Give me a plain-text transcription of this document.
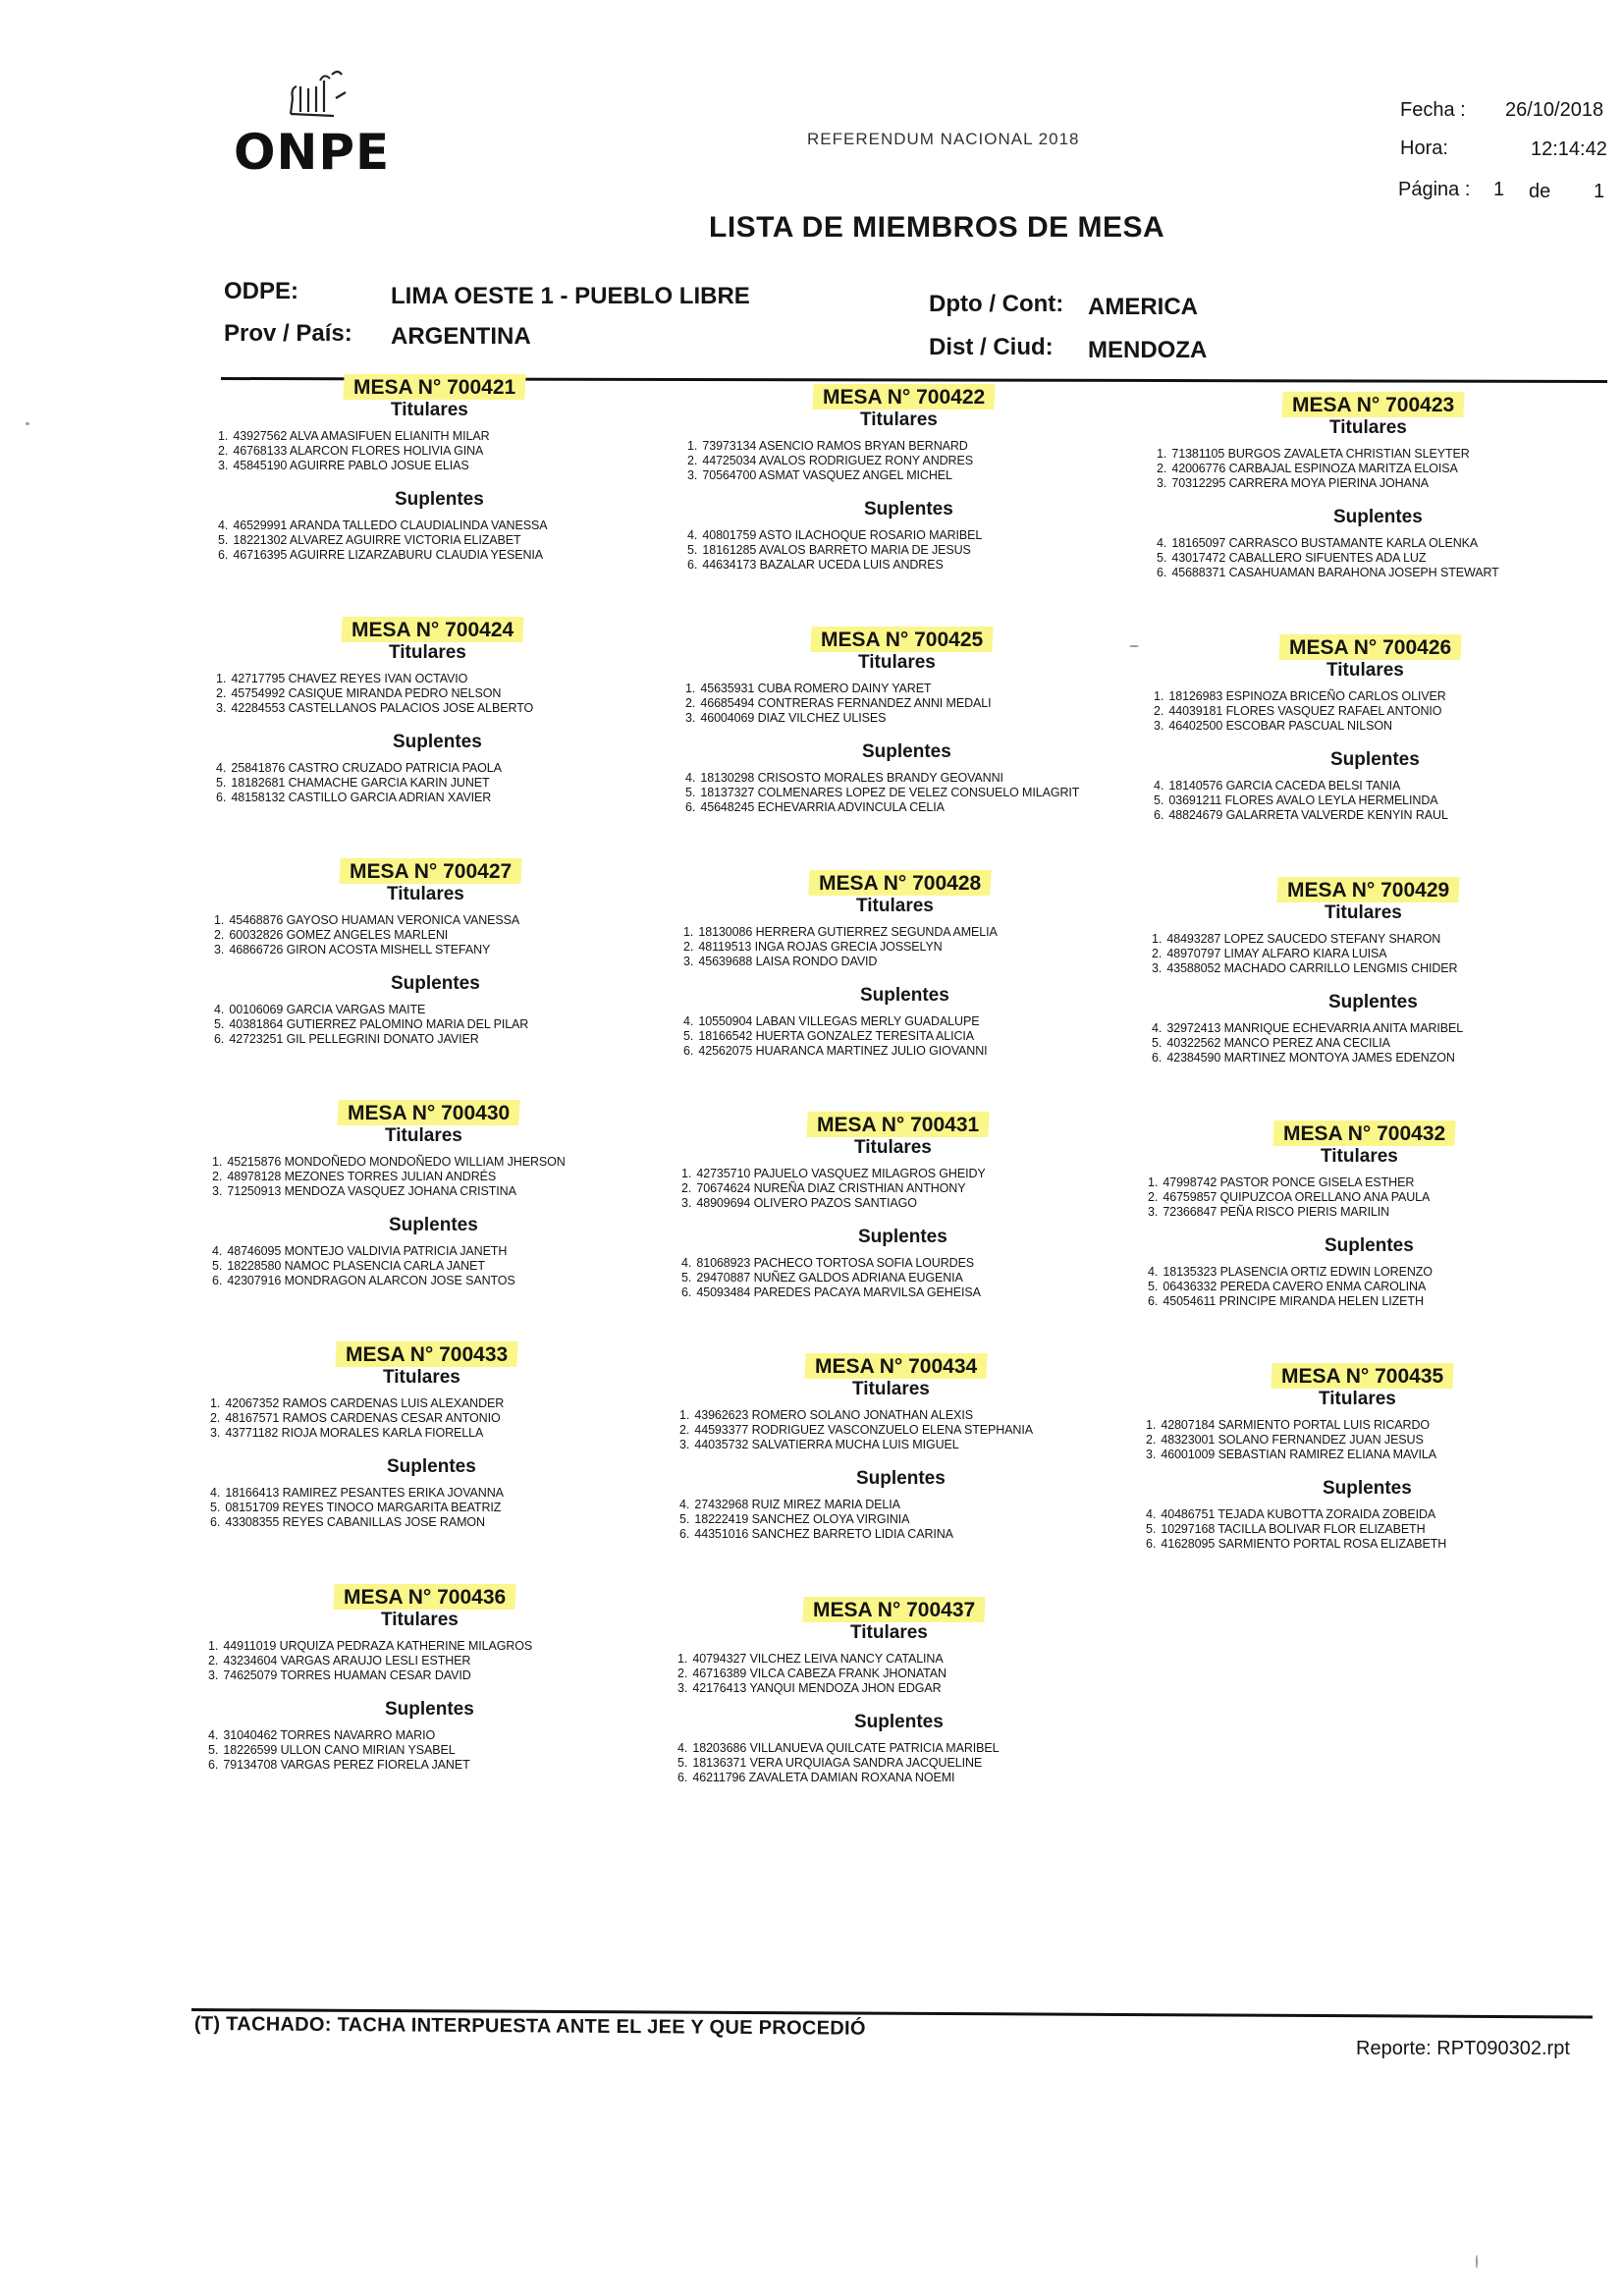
ONPE	REFERENDUM NACIONAL 2018
LISTA DE MIEMBROS DE MESA
Fecha : 26/10/2018
Hora:	12:14:42
Página : 1 de 1
ODPE:	LIMA OESTE 1 - PUEBLO LIBRE
Prov / País: ARGENTINA
Dpto / Cont: AMERICA
Dist / Ciud: MENDOZA
MESA N° 700421
Titulares
1. 43927562 ALVA AMASIFUEN ELIANITH MILAR
2. 46768133 ALARCON FLORES HOLIVIA GINA
3. 45845190 AGUIRRE PABLO JOSUE ELIAS
Suplentes
4. 46529991 ARANDA TALLEDO CLAUDIALINDA VANESSA
5. 18221302 ALVAREZ AGUIRRE VICTORIA ELIZABET
6. 46716395 AGUIRRE LIZARZABURU CLAUDIA YESENIA
MESA N° 700422
Titulares
1. 73973134 ASENCIO RAMOS BRYAN BERNARD
2. 44725034 AVALOS RODRIGUEZ RONY ANDRES
3. 70564700 ASMAT VASQUEZ ANGEL MICHEL
Suplentes
4. 40801759 ASTO ILACHOQUE ROSARIO MARIBEL
5. 18161285 AVALOS BARRETO MARIA DE JESUS
6. 44634173 BAZALAR UCEDA LUIS ANDRES
MESA N° 700423
Titulares
1. 71381105 BURGOS ZAVALETA CHRISTIAN SLEYTER
2. 42006776 CARBAJAL ESPINOZA MARITZA ELOISA
3. 70312295 CARRERA MOYA PIERINA JOHANA
Suplentes
4. 18165097 CARRASCO BUSTAMANTE KARLA OLENKA
5. 43017472 CABALLERO SIFUENTES ADA LUZ
6. 45688371 CASAHUAMAN BARAHONA JOSEPH STEWART
MESA N° 700424
Titulares
1. 42717795 CHAVEZ REYES IVAN OCTAVIO
2. 45754992 CASIQUE MIRANDA PEDRO NELSON
3. 42284553 CASTELLANOS PALACIOS JOSE ALBERTO
Suplentes
4. 25841876 CASTRO CRUZADO PATRICIA PAOLA
5. 18182681 CHAMACHE GARCIA KARIN JUNET
6. 48158132 CASTILLO GARCIA ADRIAN XAVIER
MESA N° 700425
Titulares
1. 45635931 CUBA ROMERO DAINY YARET
2. 46685494 CONTRERAS FERNANDEZ ANNI MEDALI
3. 46004069 DIAZ VILCHEZ ULISES
Suplentes
4. 18130298 CRISOSTO MORALES BRANDY GEOVANNI
5. 18137327 COLMENARES LOPEZ DE VELEZ CONSUELO MILAGRIT
6. 45648245 ECHEVARRIA ADVINCULA CELIA
MESA N° 700426
Titulares
1. 18126983 ESPINOZA BRICEÑO CARLOS OLIVER
2. 44039181 FLORES VASQUEZ RAFAEL ANTONIO
3. 46402500 ESCOBAR PASCUAL NILSON
Suplentes
4. 18140576 GARCIA CACEDA BELSI TANIA
5. 03691211 FLORES AVALO LEYLA HERMELINDA
6. 48824679 GALARRETA VALVERDE KENYIN RAUL
MESA N° 700427
Titulares
1. 45468876 GAYOSO HUAMAN VERONICA VANESSA
2. 60032826 GOMEZ ANGELES MARLENI
3. 46866726 GIRON ACOSTA MISHELL STEFANY
Suplentes
4. 00106069 GARCIA VARGAS MAITE
5. 40381864 GUTIERREZ PALOMINO MARIA DEL PILAR
6. 42723251 GIL PELLEGRINI DONATO JAVIER
MESA N° 700428
Titulares
1. 18130086 HERRERA GUTIERREZ SEGUNDA AMELIA
2. 48119513 INGA ROJAS GRECIA JOSSELYN
3. 45639688 LAISA RONDO DAVID
Suplentes
4. 10550904 LABAN VILLEGAS MERLY GUADALUPE
5. 18166542 HUERTA GONZALEZ TERESITA ALICIA
6. 42562075 HUARANCA MARTINEZ JULIO GIOVANNI
MESA N° 700429
Titulares
1. 48493287 LOPEZ SAUCEDO STEFANY SHARON
2. 48970797 LIMAY ALFARO KIARA LUISA
3. 43588052 MACHADO CARRILLO LENGMIS CHIDER
Suplentes
4. 32972413 MANRIQUE ECHEVARRIA ANITA MARIBEL
5. 40322562 MANCO PEREZ ANA CECILIA
6. 42384590 MARTINEZ MONTOYA JAMES EDENZON
MESA N° 700430
Titulares
1. 45215876 MONDOÑEDO MONDOÑEDO WILLIAM JHERSON
2. 48978128 MEZONES TORRES JULIAN ANDRÉS
3. 71250913 MENDOZA VASQUEZ JOHANA CRISTINA
Suplentes
4. 48746095 MONTEJO VALDIVIA PATRICIA JANETH
5. 18228580 NAMOC PLASENCIA CARLA JANET
6. 42307916 MONDRAGON ALARCON JOSE SANTOS
MESA N° 700431
Titulares
1. 42735710 PAJUELO VASQUEZ MILAGROS GHEIDY
2. 70674624 NUREÑA DIAZ CRISTHIAN ANTHONY
3. 48909694 OLIVERO PAZOS SANTIAGO
Suplentes
4. 81068923 PACHECO TORTOSA SOFIA LOURDES
5. 29470887 NUÑEZ GALDOS ADRIANA EUGENIA
6. 45093484 PAREDES PACAYA MARVILSA GEHEISA
MESA N° 700432
Titulares
1. 47998742 PASTOR PONCE GISELA ESTHER
2. 46759857 QUIPUZCOA ORELLANO ANA PAULA
3. 72366847 PEÑA RISCO PIERIS MARILIN
Suplentes
4. 18135323 PLASENCIA ORTIZ EDWIN LORENZO
5. 06436332 PEREDA CAVERO ENMA CAROLINA
6. 45054611 PRINCIPE MIRANDA HELEN LIZETH
MESA N° 700433
Titulares
1. 42067352 RAMOS CARDENAS LUIS ALEXANDER
2. 48167571 RAMOS CARDENAS CESAR ANTONIO
3. 43771182 RIOJA MORALES KARLA FIORELLA
Suplentes
4. 18166413 RAMIREZ PESANTES ERIKA JOVANNA
5. 08151709 REYES TINOCO MARGARITA BEATRIZ
6. 43308355 REYES CABANILLAS JOSE RAMON
MESA N° 700434
Titulares
1. 43962623 ROMERO SOLANO JONATHAN ALEXIS
2. 44593377 RODRIGUEZ VASCONZUELO ELENA STEPHANIA
3. 44035732 SALVATIERRA MUCHA LUIS MIGUEL
Suplentes
4. 27432968 RUIZ MIREZ MARIA DELIA
5. 18222419 SANCHEZ OLOYA VIRGINIA
6. 44351016 SANCHEZ BARRETO LIDIA CARINA
MESA N° 700435
Titulares
1. 42807184 SARMIENTO PORTAL LUIS RICARDO
2. 48323001 SOLANO FERNANDEZ JUAN JESUS
3. 46001009 SEBASTIAN RAMIREZ ELIANA MAVILA
Suplentes
4. 40486751 TEJADA KUBOTTA ZORAIDA ZOBEIDA
5. 10297168 TACILLA BOLIVAR FLOR ELIZABETH
6. 41628095 SARMIENTO PORTAL ROSA ELIZABETH
MESA N° 700436
Titulares
1. 44911019 URQUIZA PEDRAZA KATHERINE MILAGROS
2. 43234604 VARGAS ARAUJO LESLI ESTHER
3. 74625079 TORRES HUAMAN CESAR DAVID
Suplentes
4. 31040462 TORRES NAVARRO MARIO
5. 18226599 ULLON CANO MIRIAN YSABEL
6. 79134708 VARGAS PEREZ FIORELA JANET
MESA N° 700437
Titulares
1. 40794327 VILCHEZ LEIVA NANCY CATALINA
2. 46716389 VILCA CABEZA FRANK JHONATAN
3. 42176413 YANQUI MENDOZA JHON EDGAR
Suplentes
4. 18203686 VILLANUEVA QUILCATE PATRICIA MARIBEL
5. 18136371 VERA URQUIAGA SANDRA JACQUELINE
6. 46211796 ZAVALETA DAMIAN ROXANA NOEMI
(T) TACHADO: TACHA INTERPUESTA ANTE EL JEE Y QUE PROCEDIÓ
Reporte: RPT090302.rpt
